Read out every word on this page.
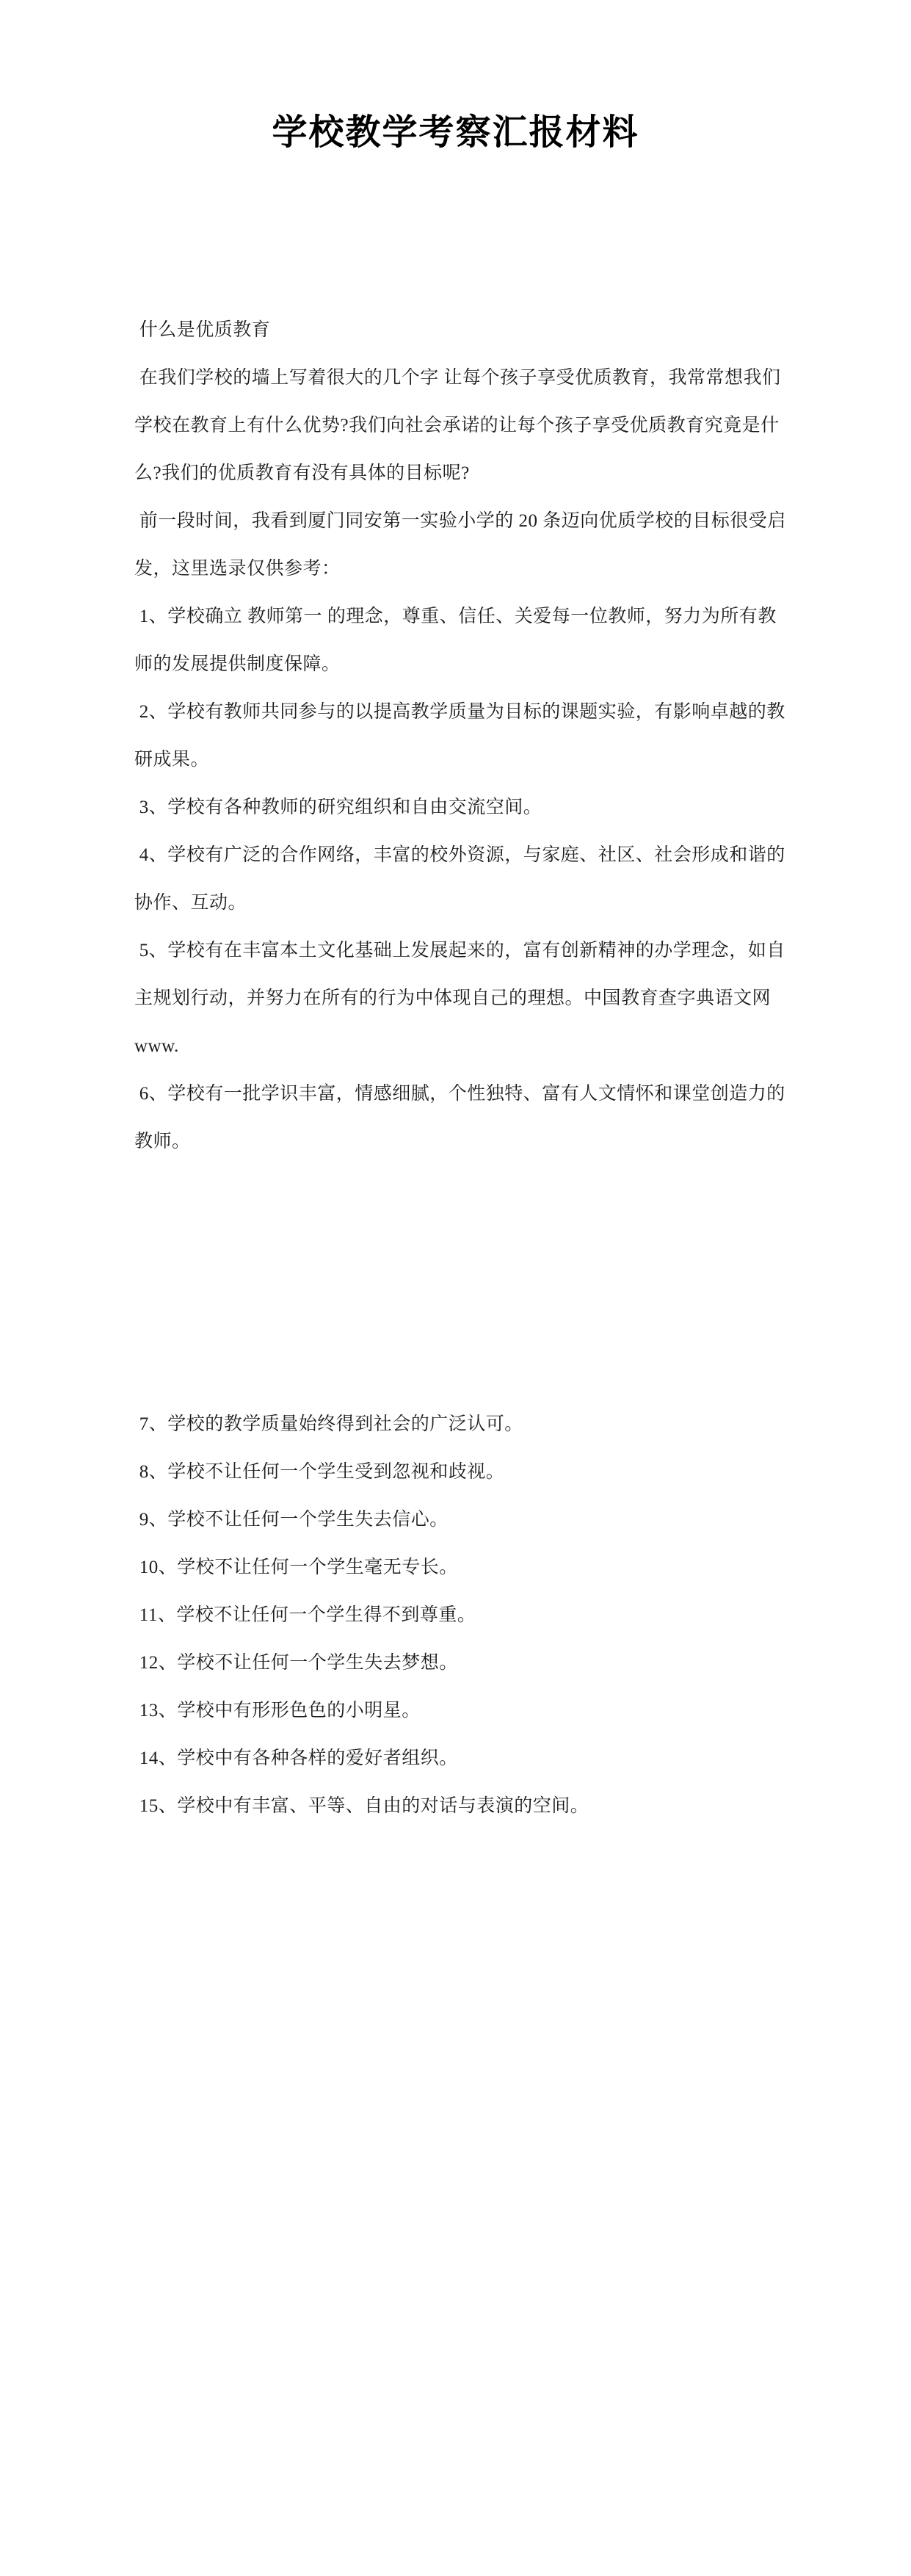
学校教学考察汇报材料
什么是优质教育
在我们学校的墙上写着很大的几个字 让每个孩子享受优质教育，我常常想我们
学校在教育上有什么优势?我们向社会承诺的让每个孩子享受优质教育究竟是什
么?我们的优质教育有没有具体的目标呢?
前一段时间，我看到厦门同安第一实验小学的 20 条迈向优质学校的目标很受启
发，这里选录仅供参考：
1、学校确立 教师第一 的理念，尊重、信任、关爱每一位教师，努力为所有教
师的发展提供制度保障。
2、学校有教师共同参与的以提高教学质量为目标的课题实验，有影响卓越的教
研成果。
3、学校有各种教师的研究组织和自由交流空间。
4、学校有广泛的合作网络，丰富的校外资源，与家庭、社区、社会形成和谐的
协作、互动。
5、学校有在丰富本土文化基础上发展起来的，富有创新精神的办学理念，如自
主规划行动，并努力在所有的行为中体现自己的理想。中国教育查字典语文网
www.
6、学校有一批学识丰富，情感细腻，个性独特、富有人文情怀和课堂创造力的
教师。
7、学校的教学质量始终得到社会的广泛认可。
8、学校不让任何一个学生受到忽视和歧视。
9、学校不让任何一个学生失去信心。
10、学校不让任何一个学生毫无专长。
11、学校不让任何一个学生得不到尊重。
12、学校不让任何一个学生失去梦想。
13、学校中有形形色色的小明星。
14、学校中有各种各样的爱好者组织。
15、学校中有丰富、平等、自由的对话与表演的空间。
